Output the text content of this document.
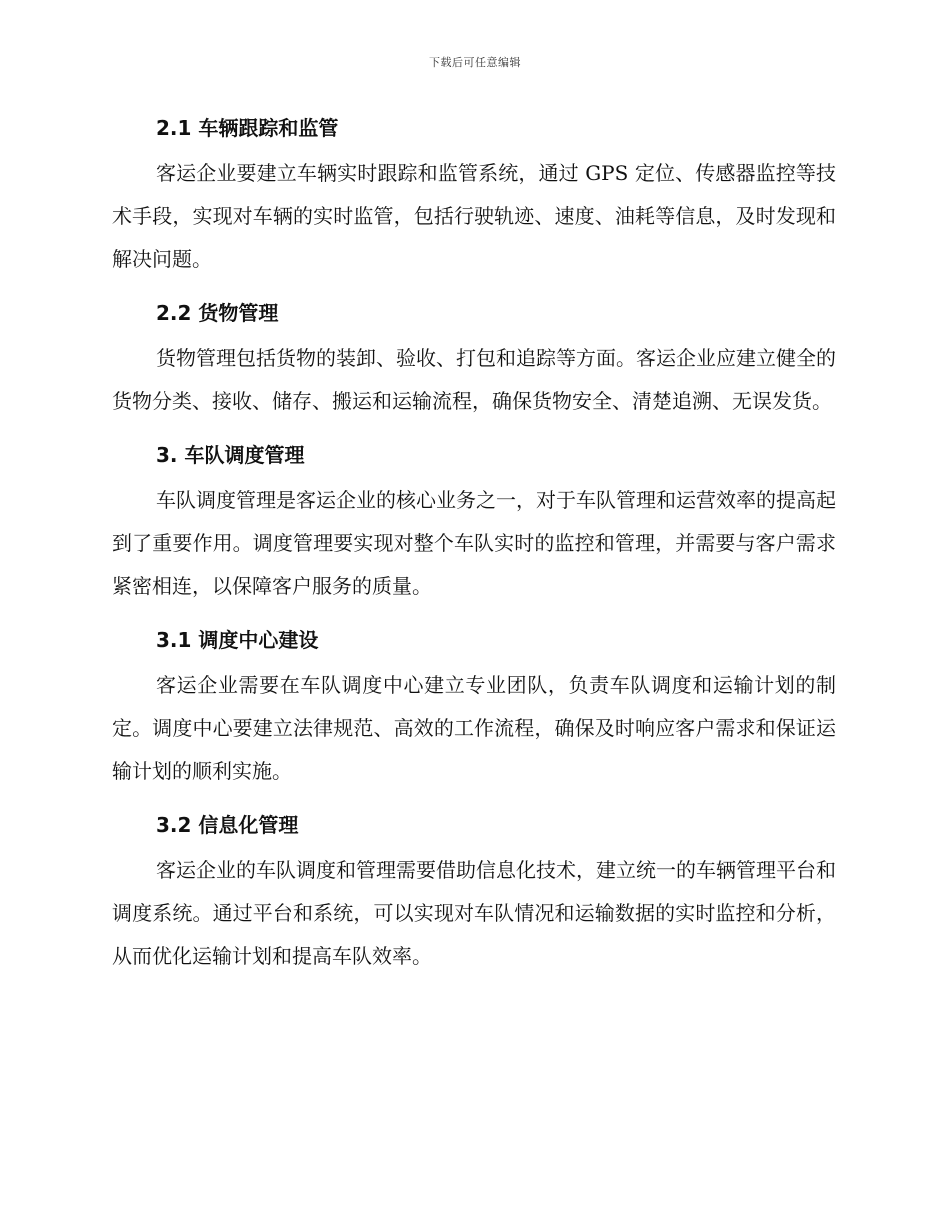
下载后可任意编辑
2.1 车辆跟踪和监管

客运企业要建立车辆实时跟踪和监管系统，通过 GPS 定位、传感器监控等技术手段，实现对车辆的实时监管，包括行驶轨迹、速度、油耗等信息，及时发现和解决问题。

2.2 货物管理

货物管理包括货物的装卸、验收、打包和追踪等方面。客运企业应建立健全的货物分类、接收、储存、搬运和运输流程，确保货物安全、清楚追溯、无误发货。

3. 车队调度管理

车队调度管理是客运企业的核心业务之一，对于车队管理和运营效率的提高起到了重要作用。调度管理要实现对整个车队实时的监控和管理，并需要与客户需求紧密相连，以保障客户服务的质量。

3.1 调度中心建设

客运企业需要在车队调度中心建立专业团队，负责车队调度和运输计划的制定。调度中心要建立法律规范、高效的工作流程，确保及时响应客户需求和保证运输计划的顺利实施。

3.2 信息化管理

客运企业的车队调度和管理需要借助信息化技术，建立统一的车辆管理平台和调度系统。通过平台和系统，可以实现对车队情况和运输数据的实时监控和分析，从而优化运输计划和提高车队效率。
